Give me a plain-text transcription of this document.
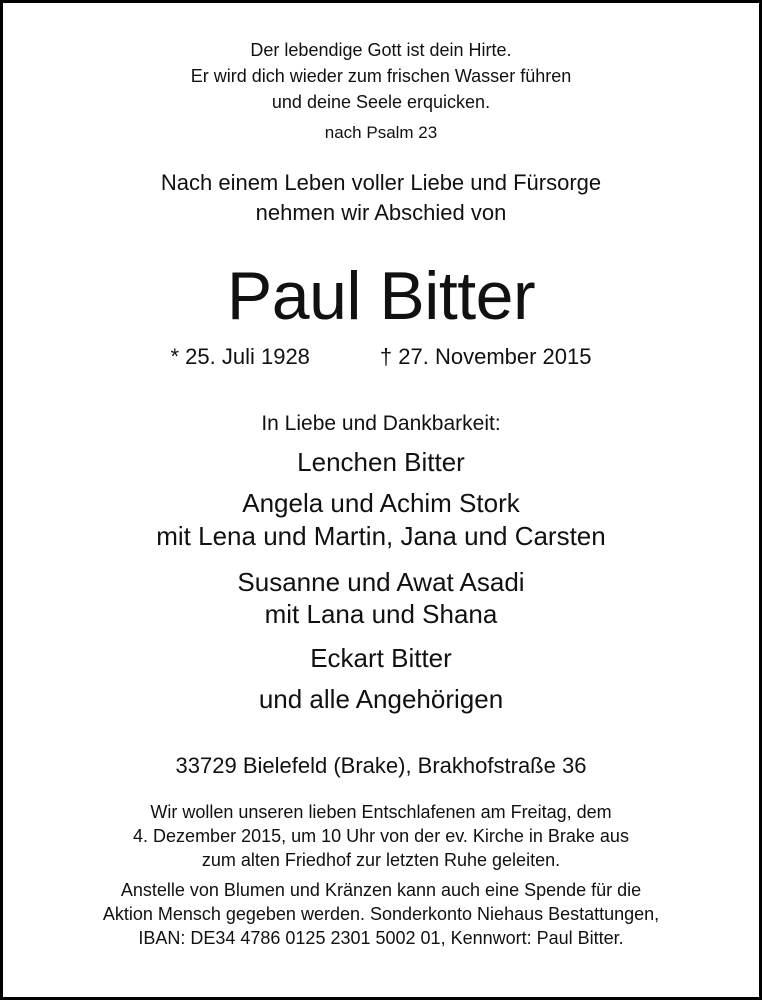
Der lebendige Gott ist dein Hirte.

Er wird dich wieder zum frischen Wasser führen

und deine Seele erquicken.

nach Psalm 23

Nach einem Leben voller Liebe und Fürsorge

nehmen wir Abschied von

Paul Bitter

* 25. Juli 1928	† 27. November 2015

In Liebe und Dankbarkeit:

Lenchen Bitter

Angela und Achim Stork

mit Lena und Martin, Jana und Carsten

Susanne und Awat Asadi

mit Lana und Shana

Eckart Bitter

und alle Angehörigen

33729 Bielefeld (Brake), Brakhofstraße 36

Wir wollen unseren lieben Entschlafenen am Freitag, dem

4. Dezember 2015, um 10 Uhr von der ev. Kirche in Brake aus

zum alten Friedhof zur letzten Ruhe geleiten.

Anstelle von Blumen und Kränzen kann auch eine Spende für die

Aktion Mensch gegeben werden. Sonderkonto Niehaus Bestattungen,

IBAN: DE34 4786 0125 2301 5002 01, Kennwort: Paul Bitter.
